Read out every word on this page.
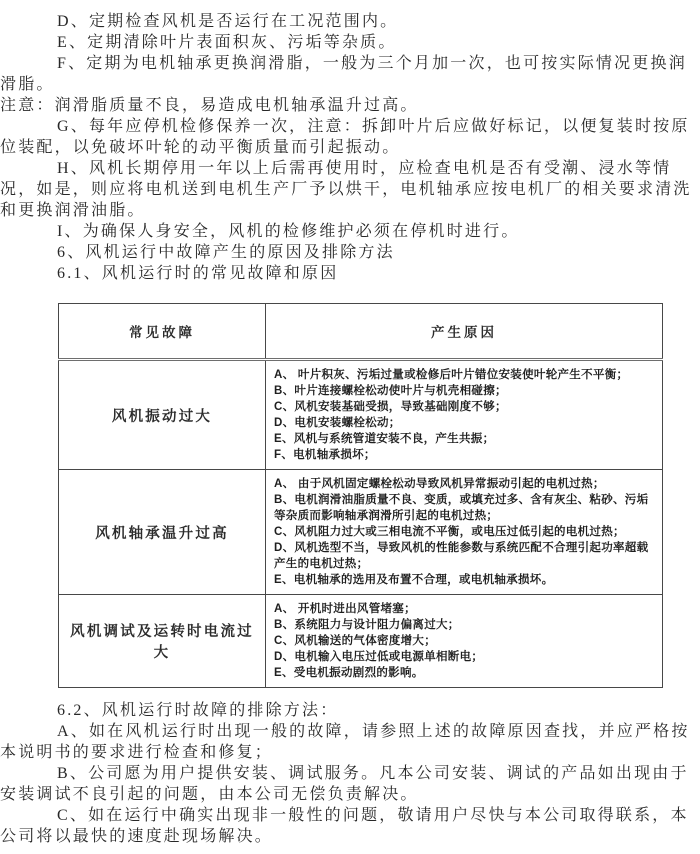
D、定期检查风机是否运行在工况范围内。

E、定期清除叶片表面积灰、污垢等杂质。

F、定期为电机轴承更换润滑脂，一般为三个月加一次，也可按实际情况更换润滑脂。

注意：润滑脂质量不良，易造成电机轴承温升过高。

G、每年应停机检修保养一次，注意：拆卸叶片后应做好标记，以便复装时按原位装配，以免破坏叶轮的动平衡质量而引起振动。

H、风机长期停用一年以上后需再使用时，应检查电机是否有受潮、浸水等情况，如是，则应将电机送到电机生产厂予以烘干，电机轴承应按电机厂的相关要求清洗和更换润滑油脂。

I、为确保人身安全，风机的检修维护必须在停机时进行。

6、风机运行中故障产生的原因及排除方法

6.1、风机运行时的常见故障和原因

常见故障	产生原因
风机振动过大	
A、 叶片积灰、污垢过量或检修后叶片错位安装使叶轮产生不平衡；
B、叶片连接螺栓松动使叶片与机壳相碰擦；
C、风机安装基础受损，导致基础刚度不够；
D、电机安装螺栓松动；
E、风机与系统管道安装不良，产生共振；
F、电机轴承损坏；

风机轴承温升过高	A、 由于风机固定螺栓松动导致风机异常振动引起的电机过热；
B、电机润滑油脂质量不良、变质，或填充过多、含有灰尘、粘砂、污垢等杂质而影响轴承润滑所引起的电机过热；
C、风机阻力过大或三相电流不平衡，或电压过低引起的电机过热；
D、风机选型不当，导致风机的性能参数与系统匹配不合理引起功率超载产生的电机过热；
E、电机轴承的选用及布置不合理，或电机轴承损坏。

风机调试及运转时电流过大	A、 开机时进出风管堵塞；
B、系统阻力与设计阻力偏离过大；
C、风机输送的气体密度增大；
D、电机输入电压过低或电源单相断电；
E、受电机振动剧烈的影响。

6.2、风机运行时故障的排除方法：

A、如在风机运行时出现一般的故障，请参照上述的故障原因查找，并应严格按本说明书的要求进行检查和修复；

B、公司愿为用户提供安装、调试服务。凡本公司安装、调试的产品如出现由于安装调试不良引起的问题，由本公司无偿负责解决。

C、如在运行中确实出现非一般性的问题，敬请用户尽快与本公司取得联系，本公司将以最快的速度赴现场解决。
